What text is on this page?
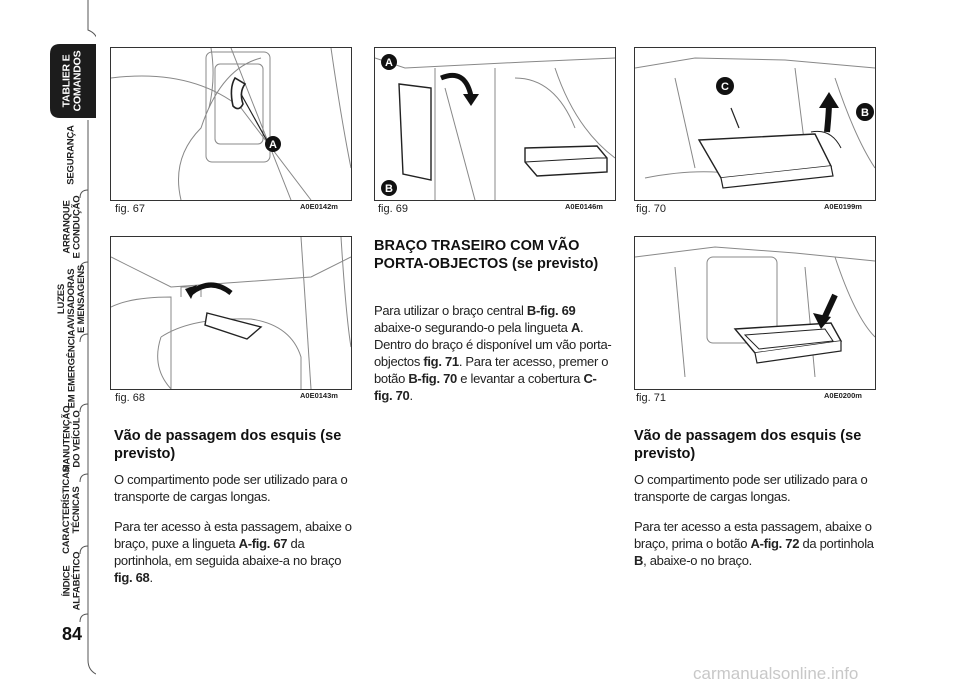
TABLIER E
COMANDOS
SEGURANÇA
ARRANQUE
E CONDUÇÃO
LUZES
AVISADORAS
E MENSAGENS
EM EMERGÊNCIA
MANUTENÇÃO
DO VEÍCULO
CARACTERÍSTICAS
TÉCNICAS
ÍNDICE
ALFABÉTICO
84
A
fig. 67	A0E0142m
fig. 68	A0E0143m
A
B
fig. 69	A0E0146m
C
B
fig. 70	A0E0199m
fig. 71	A0E0200m
Vão de passagem dos esquis (se previsto)
O compartimento pode ser utilizado para o transporte de cargas longas.
Para ter acesso à esta passagem, abaixe o braço, puxe a lingueta A-fig. 67 da portinhola, em seguida abaixe-a no braço fig. 68.
BRAÇO TRASEIRO COM VÃO PORTA-OBJECTOS (se previsto)
Para utilizar o braço central B-fig. 69 abaixe-o segurando-o pela lingueta A. Dentro do braço é disponível um vão porta-objectos fig. 71. Para ter acesso, premer o botão B-fig. 70 e levantar a cobertura C-fig. 70.
Vão de passagem dos esquis (se previsto)
O compartimento pode ser utilizado para o transporte de cargas longas.
Para ter acesso a esta passagem, abaixe o braço, prima o botão A-fig. 72 da portinhola B, abaixe-o no braço.
carmanualsonline.info
